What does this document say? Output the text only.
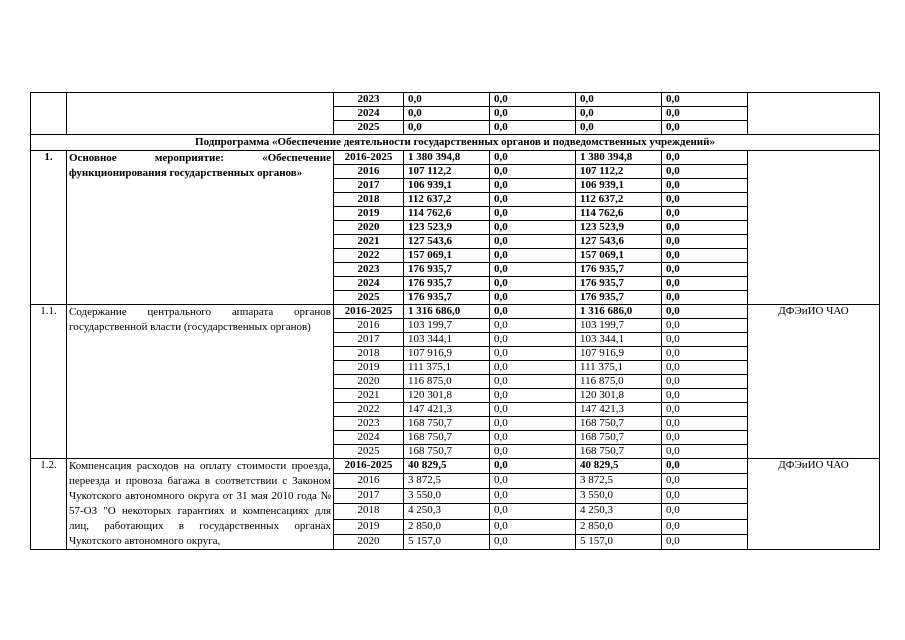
		2023	0,0	0,0	0,0	0,0	
		2024	0,0	0,0	0,0	0,0	
		2025	0,0	0,0	0,0	0,0	
Подпрограмма «Обеспечение деятельности государственных органов и подведомственных учреждений»							
1.	Основное мероприятие: «Обеспечение функционирования государственных органов»	2016-2025	1 380 394,8	0,0	1 380 394,8	0,0	
		2016	107 112,2	0,0	107 112,2	0,0	
		2017	106 939,1	0,0	106 939,1	0,0	
		2018	112 637,2	0,0	112 637,2	0,0	
		2019	114 762,6	0,0	114 762,6	0,0	
		2020	123 523,9	0,0	123 523,9	0,0	
		2021	127 543,6	0,0	127 543,6	0,0	
		2022	157 069,1	0,0	157 069,1	0,0	
		2023	176 935,7	0,0	176 935,7	0,0	
		2024	176 935,7	0,0	176 935,7	0,0	
		2025	176 935,7	0,0	176 935,7	0,0	
1.1.	Содержание центрального аппарата органов государственной власти (государственных органов)	2016-2025	1 316 686,0	0,0	1 316 686,0	0,0	ДФЭиИО ЧАО
		2016	103 199,7	0,0	103 199,7	0,0	
		2017	103 344,1	0,0	103 344,1	0,0	
		2018	107 916,9	0,0	107 916,9	0,0	
		2019	111 375,1	0,0	111 375,1	0,0	
		2020	116 875,0	0,0	116 875,0	0,0	
		2021	120 301,8	0,0	120 301,8	0,0	
		2022	147 421,3	0,0	147 421,3	0,0	
		2023	168 750,7	0,0	168 750,7	0,0	
		2024	168 750,7	0,0	168 750,7	0,0	
		2025	168 750,7	0,0	168 750,7	0,0	
1.2.	Компенсация расходов на оплату стоимости проезда, переезда и провоза багажа в соответствии с Законом Чукотского автономного округа от 31 мая 2010 года № 57-ОЗ "О некоторых гарантиях и компенсациях для лиц, работающих в государственных органах Чукотского автономного округа,	2016-2025	40 829,5	0,0	40 829,5	0,0	ДФЭиИО ЧАО
		2016	3 872,5	0,0	3 872,5	0,0	
		2017	3 550,0	0,0	3 550,0	0,0	
		2018	4 250,3	0,0	4 250,3	0,0	
		2019	2 850,0	0,0	2 850,0	0,0	
		2020	5 157,0	0,0	5 157,0	0,0	
